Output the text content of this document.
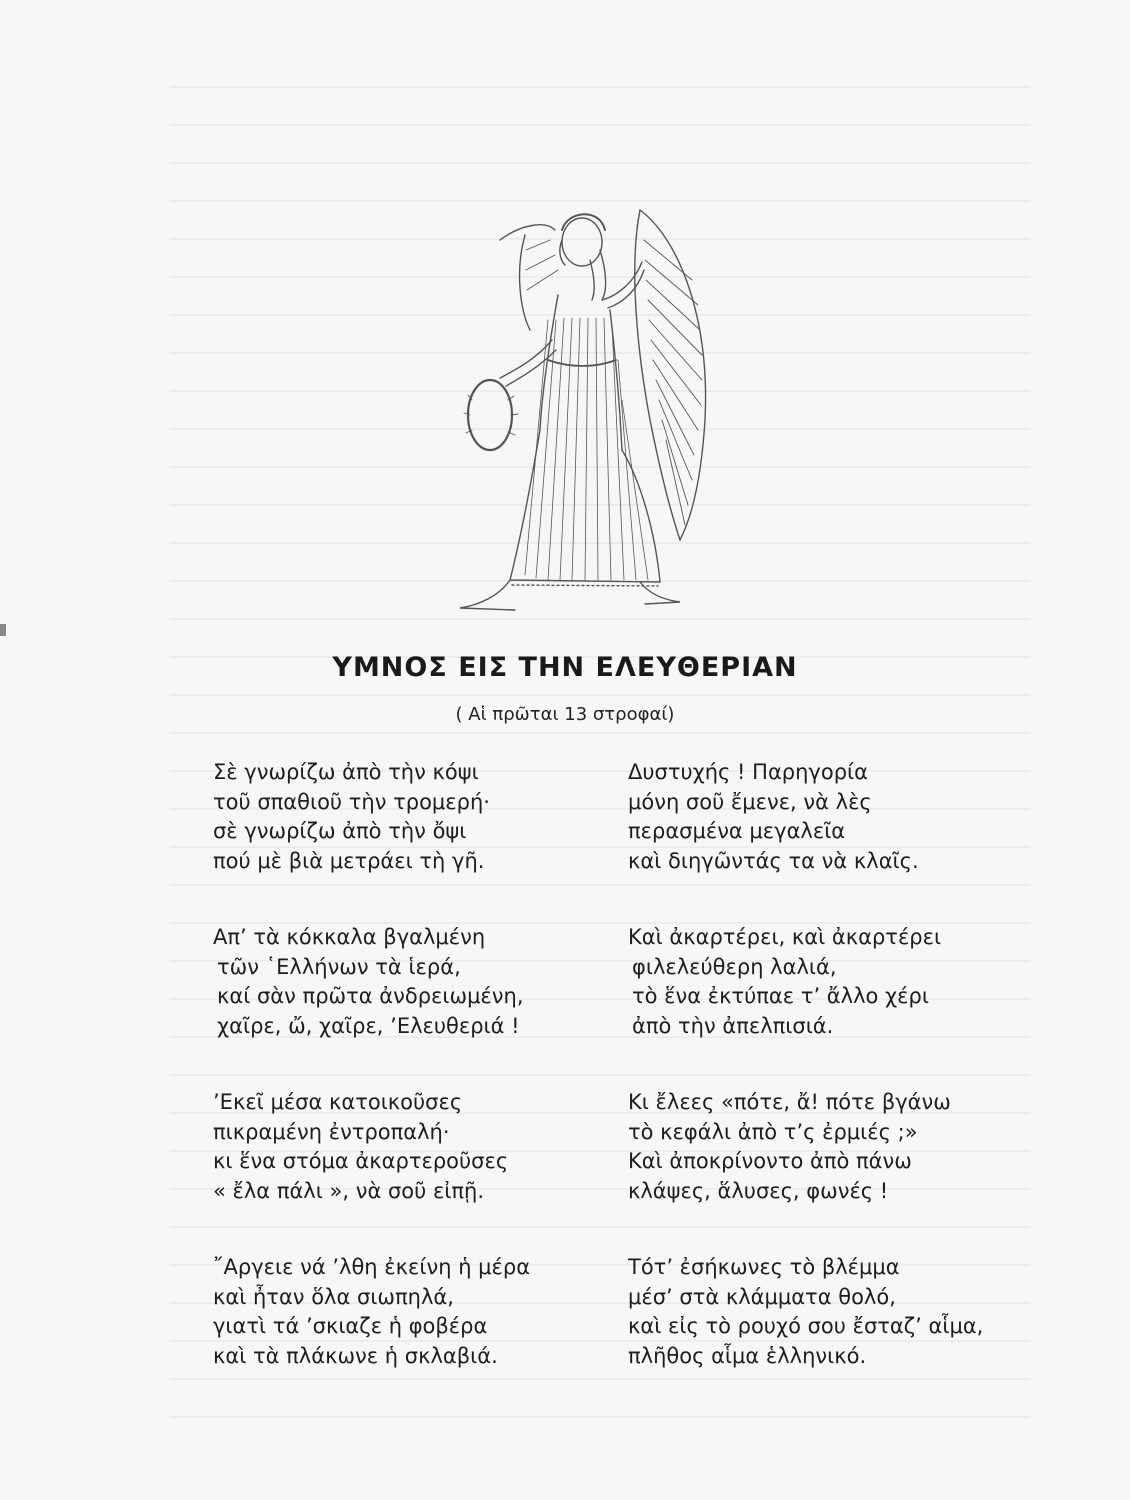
ΥΜΝΟΣ ΕΙΣ ΤΗΝ ΕΛΕΥΘΕΡΙΑΝ
( Αἱ πρῶται 13 στροφαί)
Σὲ γνωρίζω ἀπὸ τὴν κόψι
τοῦ σπαθιοῦ τὴν τρομερή·
σὲ γνωρίζω ἀπὸ τὴν ὄψι
πού μὲ βιὰ μετράει τὴ γῆ.
Απ’ τὰ κόκκαλα βγαλμένη
τῶν ῾Ελλήνων τὰ ἱερά,
καί σὰν πρῶτα ἀνδρειωμένη,
χαῖρε, ὤ, χαῖρε, ’Ελευθεριά !
’Εκεῖ μέσα κατοικοῦσες
πικραμένη ἐντροπαλή·
κι ἕνα στόμα ἀκαρτεροῦσες
« ἔλα πάλι », νὰ σοῦ εἰπῇ.
῎Αργειε νά ’λθη ἐκείνη ἡ μέρα
καὶ ἦταν ὅλα σιωπηλά,
γιατὶ τά ’σκιαζε ἡ φοβέρα
καὶ τὰ πλάκωνε ἡ σκλαβιά.
Δυστυχής ! Παρηγορία
μόνη σοῦ ἔμενε, νὰ λὲς
περασμένα μεγαλεῖα
καὶ διηγῶντάς τα νὰ κλαῖς.
Καὶ ἀκαρτέρει, καὶ ἀκαρτέρει
φιλελεύθερη λαλιά,
τὸ ἕνα ἐκτύπαε τ’ ἄλλο χέρι
ἀπὸ τὴν ἀπελπισιά.
Κι ἔλεες «πότε, ἄ! πότε βγάνω
τὸ κεφάλι ἀπὸ τ’ς ἐρμιές ;»
Καὶ ἀποκρίνοντο ἀπὸ πάνω
κλάψες, ἅλυσες, φωνές !
Τότ’ ἐσήκωνες τὸ βλέμμα
μέσ’ στὰ κλάμματα θολό,
καὶ εἰς τὸ ρουχό σου ἔσταζ’ αἷμα,
πλῆθος αἷμα ἑλληνικό.
